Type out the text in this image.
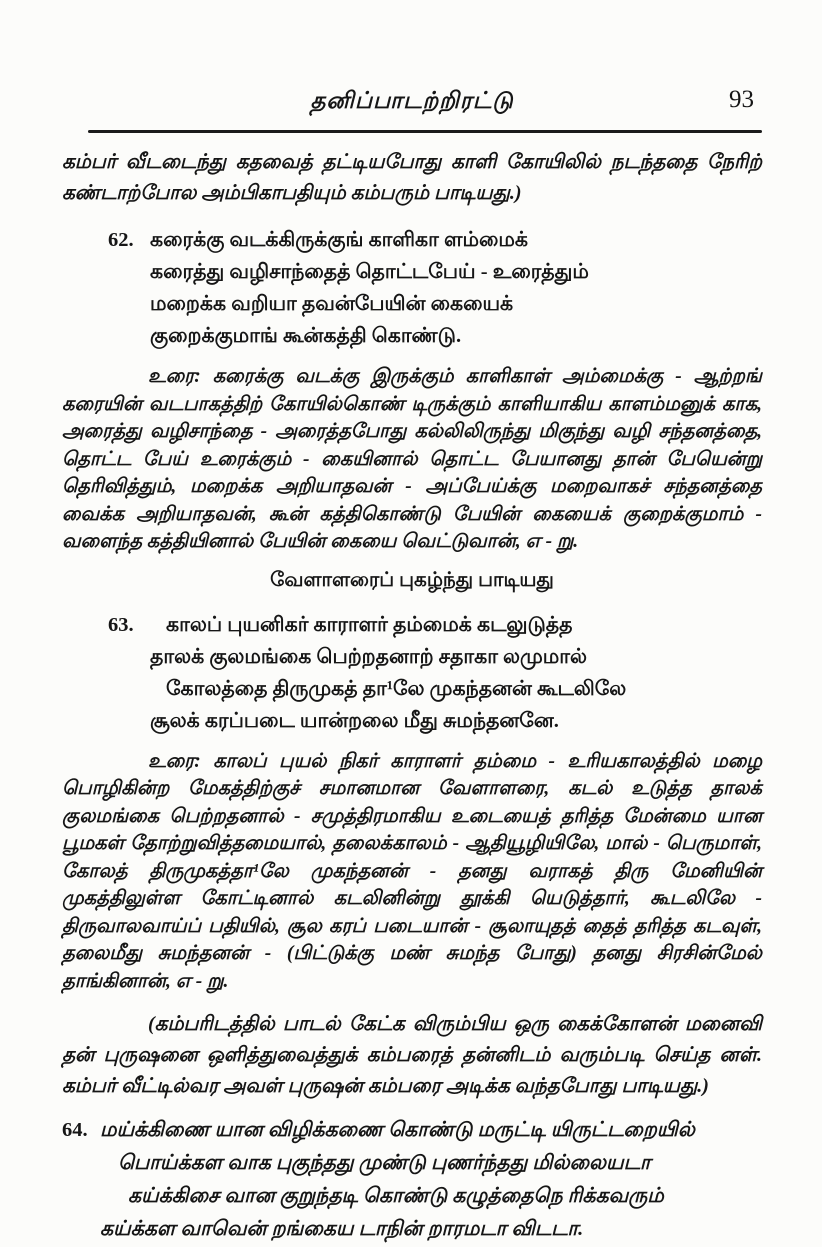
தனிப்பாடற்றிரட்டு	93

கம்பர் வீடடைந்து கதவைத் தட்டியபோது காளி கோயிலில் நடந்ததை நேரிற் கண்டாற்போல அம்பிகாபதியும் கம்பரும் பாடியது.)

62. கரைக்கு வடக்கிருக்குங் காளிகா ளம்மைக்
கரைத்து வழிசாந்தைத் தொட்டபேய் - உரைத்தும்
மறைக்க வறியா தவன்பேயின் கையைக்
குறைக்குமாங் கூன்கத்தி கொண்டு.

உரை: கரைக்கு வடக்கு இருக்கும் காளிகாள் அம்மைக்கு - ஆற்றங் கரையின் வடபாகத்திற் கோயில்கொண் டிருக்கும் காளியாகிய காளம்மனுக் காக, அரைத்து வழிசாந்தை - அரைத்தபோது கல்லிலிருந்து மிகுந்து வழி சந்தனத்தை, தொட்ட பேய் உரைக்கும் - கையினால் தொட்ட பேயானது தான் பேயென்று தெரிவித்தும், மறைக்க அறியாதவன் - அப்பேய்க்கு மறைவாகச் சந்தனத்தை வைக்க அறியாதவன், கூன் கத்திகொண்டு பேயின் கையைக் குறைக்குமாம் - வளைந்த கத்தியினால் பேயின் கையை வெட்டுவான், எ - று.

வேளாளரைப் புகழ்ந்து பாடியது
63.	காலப் புயனிகர் காராளர் தம்மைக் கடலுடுத்த
தாலக் குலமங்கை பெற்றதனாற் சதாகா லமுமால்
கோலத்தை திருமுகத் தா¹லே முகந்தனன் கூடலிலே
சூலக் கரப்படை யான்றலை மீது சுமந்தனனே.

உரை: காலப் புயல் நிகர் காராளர் தம்மை - உரியகாலத்தில் மழை பொழிகின்ற மேகத்திற்குச் சமானமான வேளாளரை, கடல் உடுத்த தாலக் குலமங்கை பெற்றதனால் - சமுத்திரமாகிய உடையைத் தரித்த மேன்மை யான பூமகள் தோற்றுவித்தமையால், தலைக்காலம் - ஆதியூழியிலே, மால் - பெருமாள், கோலத் திருமுகத்தா¹லே முகந்தனன் - தனது வராகத் திரு மேனியின் முகத்திலுள்ள கோட்டினால் கடலினின்று தூக்கி யெடுத்தார், கூடலிலே - திருவாலவாய்ப் பதியில், சூல கரப் படையான் - சூலாயுதத் தைத் தரித்த கடவுள், தலைமீது சுமந்தனன் - (பிட்டுக்கு மண் சுமந்த போது) தனது சிரசின்மேல் தாங்கினான், எ - று.

(கம்பரிடத்தில் பாடல் கேட்க விரும்பிய ஒரு கைக்கோளன் மனைவி தன் புருஷனை ஒளித்துவைத்துக் கம்பரைத் தன்னிடம் வரும்படி செய்த னள். கம்பர் வீட்டில்வர அவள் புருஷன் கம்பரை அடிக்க வந்தபோது பாடியது.)

64. மய்க்கிணை யான விழிக்கணை கொண்டு மருட்டி யிருட்டறையில்
பொய்க்கள வாக புகுந்தது முண்டு புணர்ந்தது மில்லையடா
கய்க்கிசை வான குறுந்தடி கொண்டு கழுத்தைநெ ரிக்கவரும்
கய்க்கள வாவென் றங்கைய டாநின் றாரமடா விடடா.
